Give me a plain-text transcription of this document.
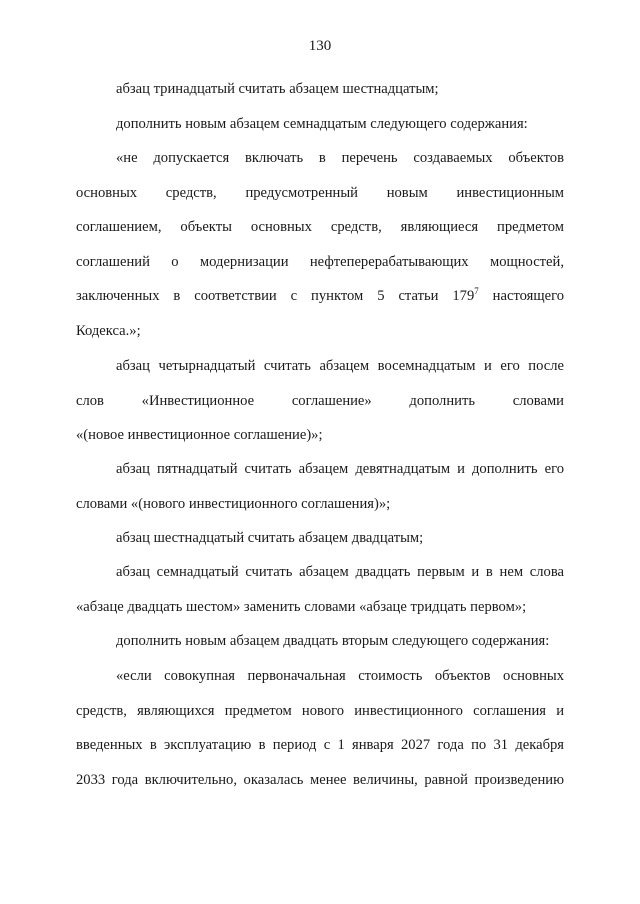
130
абзац тринадцатый считать абзацем шестнадцатым;
дополнить новым абзацем семнадцатым следующего содержания:
«не допускается включать в перечень создаваемых объектов
основных средств, предусмотренный новым инвестиционным
соглашением, объекты основных средств, являющиеся предметом
соглашений о модернизации нефтеперерабатывающих мощностей,
заключенных в соответствии с пунктом 5 статьи $179^7$ настоящего
Кодекса.»;
абзац четырнадцатый считать абзацем восемнадцатым и его после
слов «Инвестиционное соглашение» дополнить словами
«(новое инвестиционное соглашение)»;
абзац пятнадцатый считать абзацем девятнадцатым и дополнить его
словами «(нового инвестиционного соглашения)»;
абзац шестнадцатый считать абзацем двадцатым;
абзац семнадцатый считать абзацем двадцать первым и в нем слова
«абзаце двадцать шестом» заменить словами «абзаце тридцать первом»;
дополнить новым абзацем двадцать вторым следующего содержания:
«если совокупная первоначальная стоимость объектов основных
средств, являющихся предметом нового инвестиционного соглашения и
введенных в эксплуатацию в период с 1 января 2027 года по 31 декабря
2033 года включительно, оказалась менее величины, равной произведению
